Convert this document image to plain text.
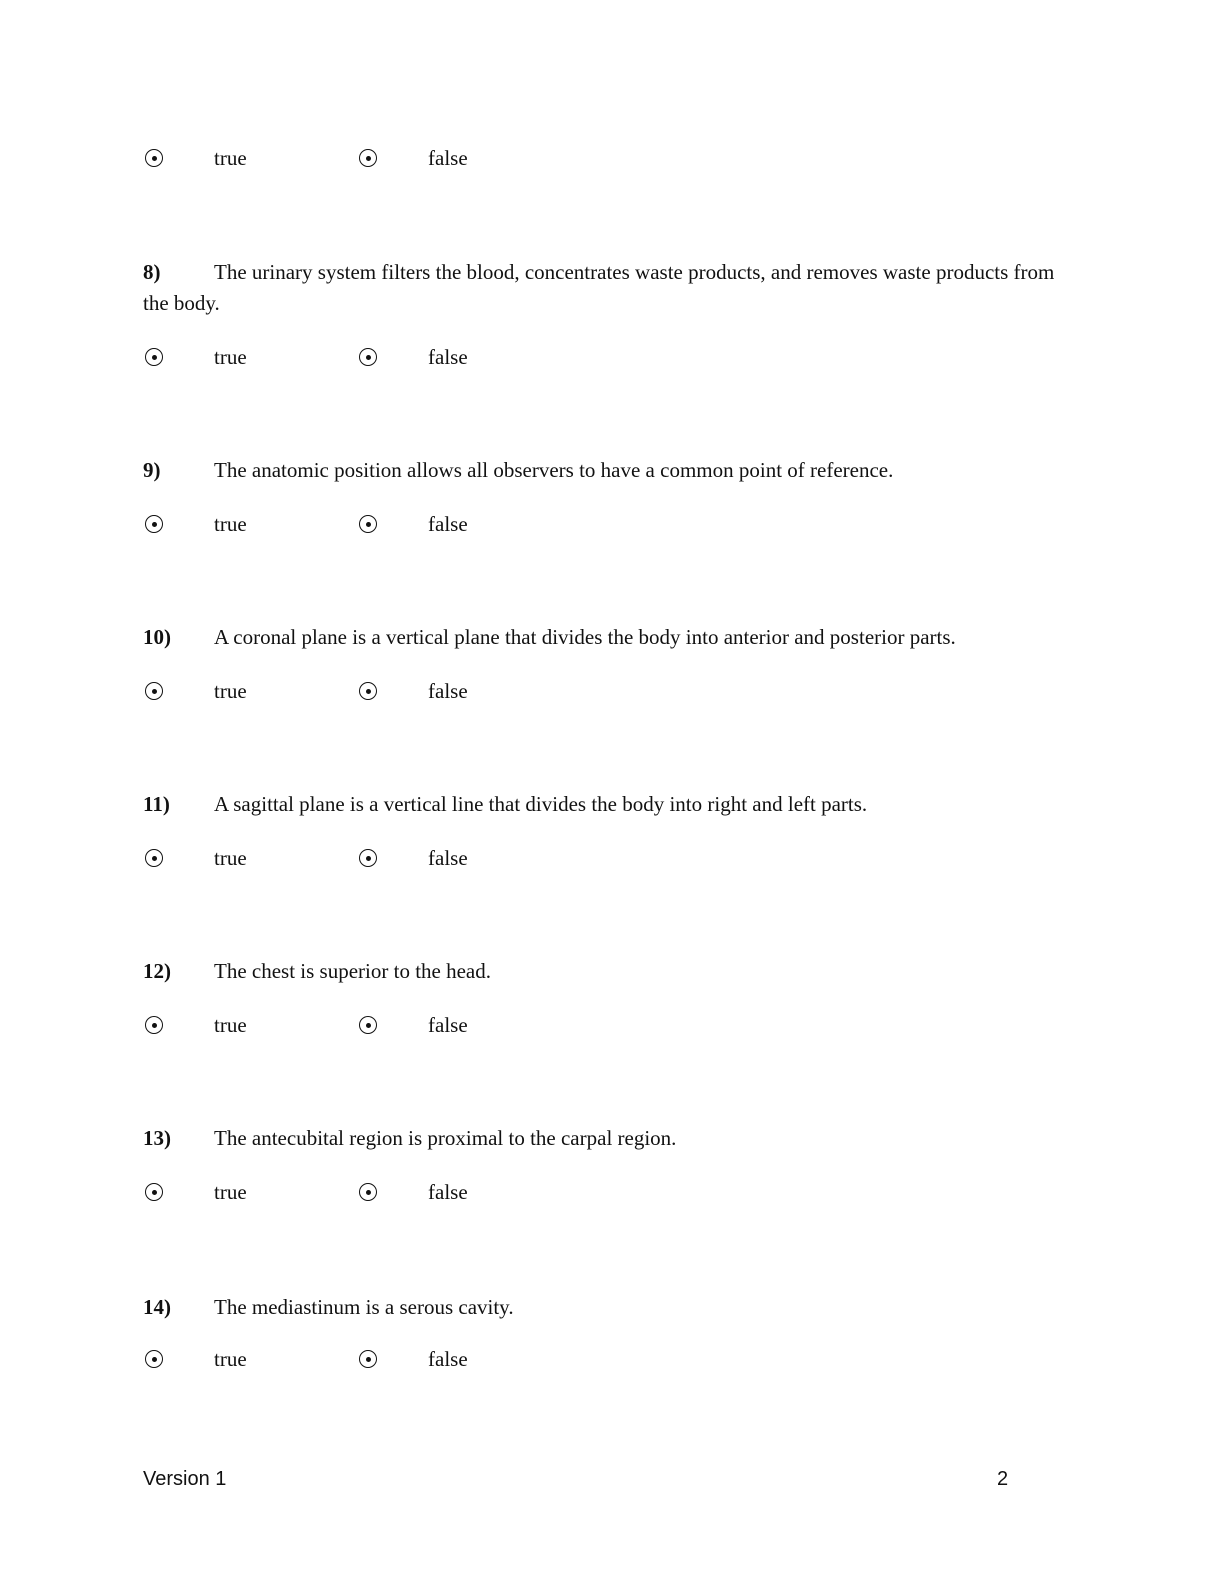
true	false
8)	The urinary system filters the blood, concentrates waste products, and removes waste products from the body.
true	false
9)	The anatomic position allows all observers to have a common point of reference.
true	false
10) A coronal plane is a vertical plane that divides the body into anterior and posterior parts.
true	false
11) A sagittal plane is a vertical line that divides the body into right and left parts.
true	false
12) The chest is superior to the head.
true	false
13) The antecubital region is proximal to the carpal region.
true	false
14) The mediastinum is a serous cavity.
true	false
Version 1	2
